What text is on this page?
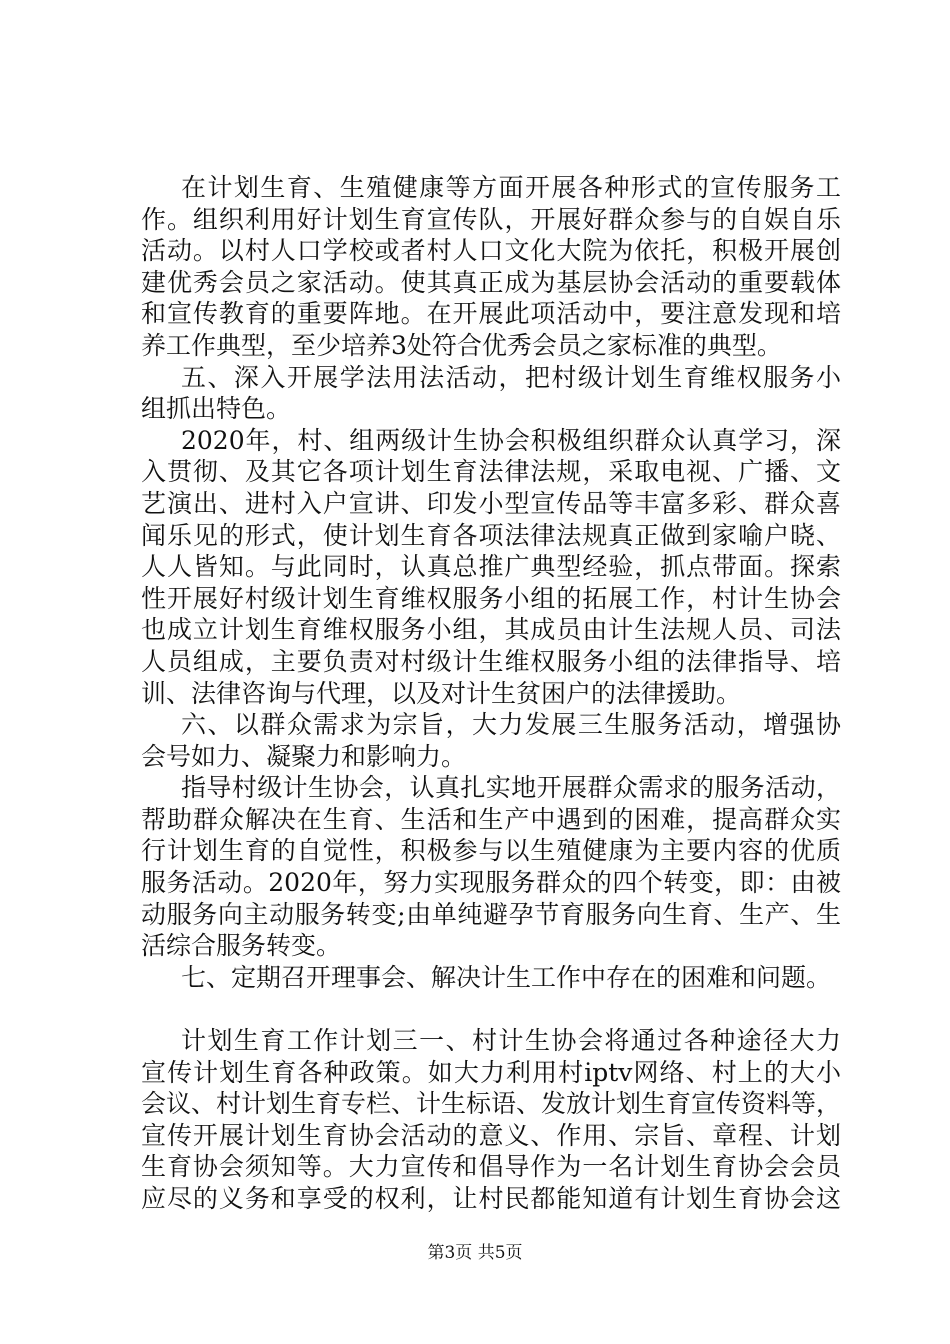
在计划生育、生殖健康等方面开展各种形式的宣传服务工
作。组织利用好计划生育宣传队，开展好群众参与的自娱自乐
活动。以村人口学校或者村人口文化大院为依托，积极开展创
建优秀会员之家活动。使其真正成为基层协会活动的重要载体
和宣传教育的重要阵地。在开展此项活动中，要注意发现和培
养工作典型，至少培养3处符合优秀会员之家标准的典型。
五、深入开展学法用法活动，把村级计划生育维权服务小
组抓出特色。
2020年，村、组两级计生协会积极组织群众认真学习，深
入贯彻、及其它各项计划生育法律法规，采取电视、广播、文
艺演出、进村入户宣讲、印发小型宣传品等丰富多彩、群众喜
闻乐见的形式，使计划生育各项法律法规真正做到家喻户晓、
人人皆知。与此同时，认真总推广典型经验，抓点带面。探索
性开展好村级计划生育维权服务小组的拓展工作，村计生协会
也成立计划生育维权服务小组，其成员由计生法规人员、司法
人员组成，主要负责对村级计生维权服务小组的法律指导、培
训、法律咨询与代理，以及对计生贫困户的法律援助。
六、以群众需求为宗旨，大力发展三生服务活动，增强协
会号如力、凝聚力和影响力。
指导村级计生协会，认真扎实地开展群众需求的服务活动，
帮助群众解决在生育、生活和生产中遇到的困难，提高群众实
行计划生育的自觉性，积极参与以生殖健康为主要内容的优质
服务活动。2020年，努力实现服务群众的四个转变，即：由被
动服务向主动服务转变;由单纯避孕节育服务向生育、生产、生
活综合服务转变。
七、定期召开理事会、解决计生工作中存在的困难和问题。
计划生育工作计划三一、村计生协会将通过各种途径大力
宣传计划生育各种政策。如大力利用村iptv网络、村上的大小
会议、村计划生育专栏、计生标语、发放计划生育宣传资料等，
宣传开展计划生育协会活动的意义、作用、宗旨、章程、计划
生育协会须知等。大力宣传和倡导作为一名计划生育协会会员
应尽的义务和享受的权利，让村民都能知道有计划生育协会这
第3页 共5页
